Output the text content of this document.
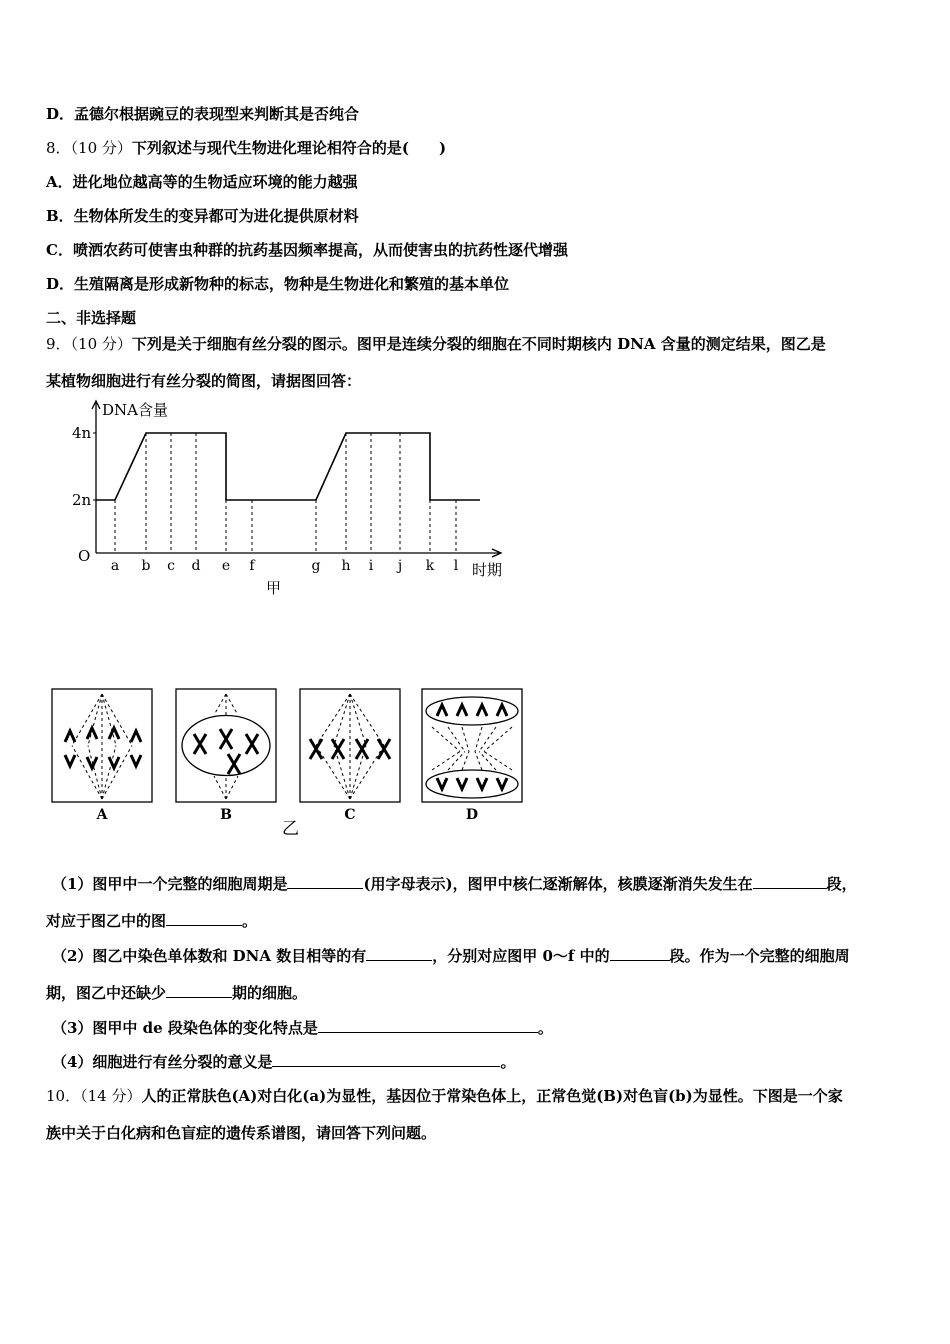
D．孟德尔根据豌豆的表现型来判断其是否纯合
8．（10 分）下列叙述与现代生物进化理论相符合的是(　　)
A．进化地位越高等的生物适应环境的能力越强
B．生物体所发生的变异都可为进化提供原材料
C．喷洒农药可使害虫种群的抗药基因频率提高，从而使害虫的抗药性逐代增强
D．生殖隔离是形成新物种的标志，物种是生物进化和繁殖的基本单位
二、非选择题
9．（10 分）下列是关于细胞有丝分裂的图示。图甲是连续分裂的细胞在不同时期核内 DNA 含量的测定结果，图乙是
某植物细胞进行有丝分裂的简图，请据图回答：
DNA含量
时期
O
甲
2n
4n
a b c d e f	g h i j k l
A	B	C	D
乙
（1）图甲中一个完整的细胞周期是	(用字母表示)，图甲中核仁逐渐解体，核膜逐渐消失发生在	段，
对应于图乙中的图	。
（2）图乙中染色单体数和 DNA 数目相等的有	，分别对应图甲 0～f 中的	段。作为一个完整的细胞周
期，图乙中还缺少	期的细胞。
（3）图甲中 de 段染色体的变化特点是	。
（4）细胞进行有丝分裂的意义是	。
10．（14 分）人的正常肤色(A)对白化(a)为显性，基因位于常染色体上，正常色觉(B)对色盲(b)为显性。下图是一个家
族中关于白化病和色盲症的遗传系谱图，请回答下列问题。
